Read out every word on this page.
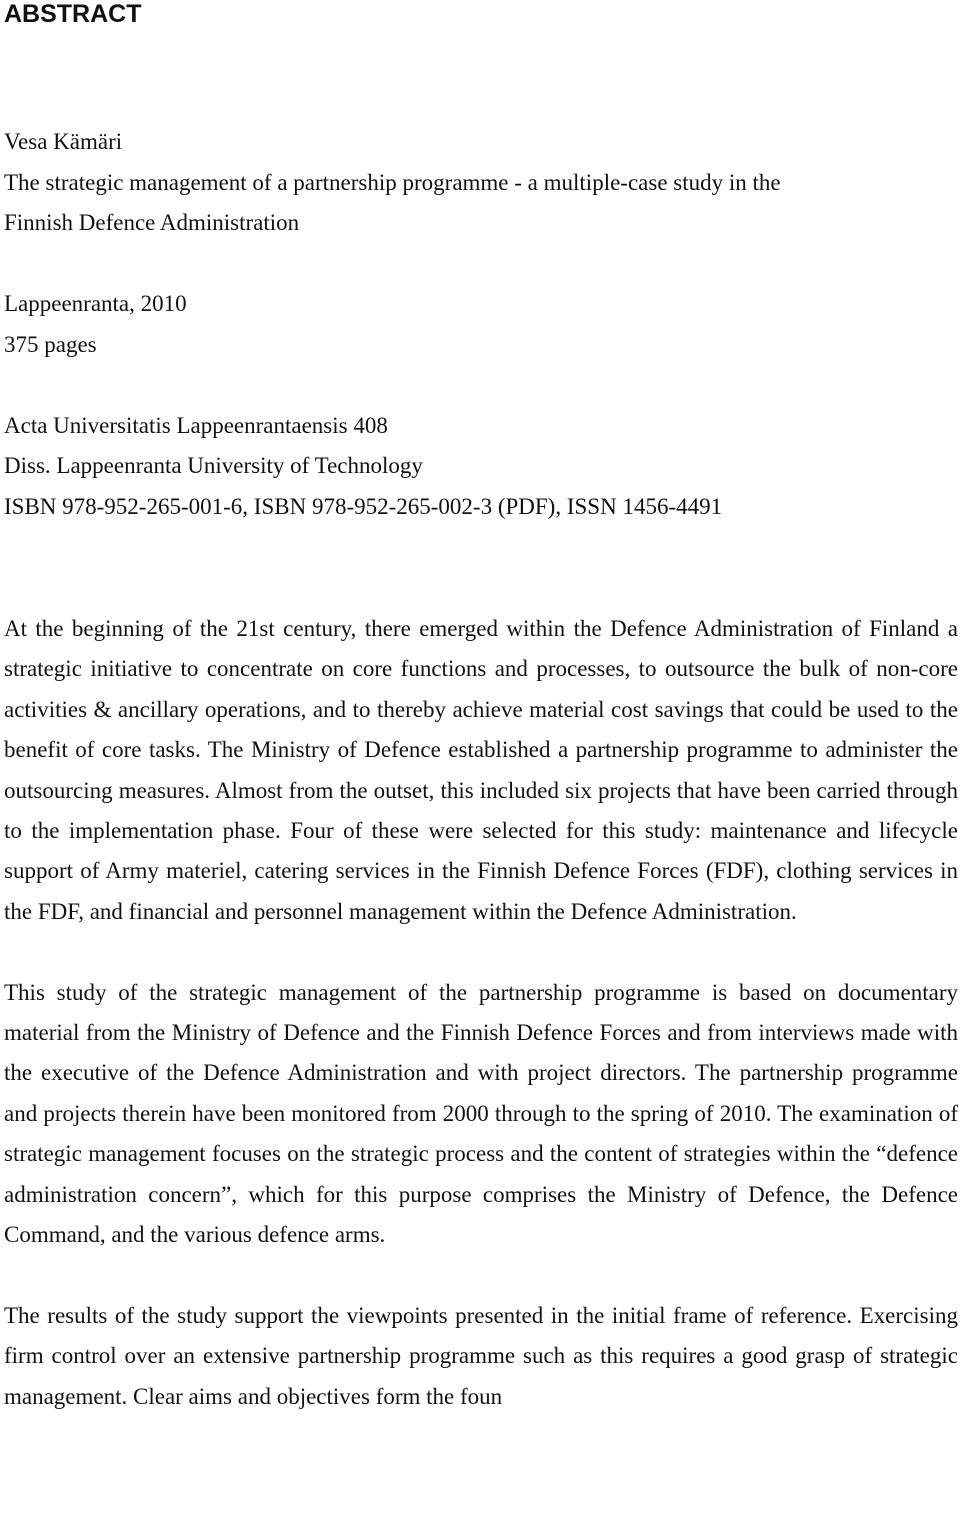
ABSTRACT
Vesa Kämäri
The strategic management of a partnership programme - a multiple-case study in the
Finnish Defence Administration
Lappeenranta, 2010
375 pages
Acta Universitatis Lappeenrantaensis 408
Diss. Lappeenranta University of Technology
ISBN 978-952-265-001-6, ISBN 978-952-265-002-3 (PDF), ISSN 1456-4491

At the beginning of the 21st century, there emerged within the Defence Administration of Finland a strategic initiative to concentrate on core functions and processes, to outsource the bulk of non-core activities & ancillary operations, and to thereby achieve material cost savings that could be used to the benefit of core tasks. The Ministry of Defence established a partnership programme to administer the outsourcing measures. Almost from the outset, this included six projects that have been carried through to the implementation phase. Four of these were selected for this study: maintenance and lifecycle support of Army materiel, catering services in the Finnish Defence Forces (FDF), clothing services in the FDF, and financial and personnel management within the Defence Administration.

This study of the strategic management of the partnership programme is based on documentary material from the Ministry of Defence and the Finnish Defence Forces and from interviews made with the executive of the Defence Administration and with project directors. The partnership programme and projects therein have been monitored from 2000 through to the spring of 2010. The examination of strategic management focuses on the strategic process and the content of strategies within the “defence administration concern”, which for this purpose comprises the Ministry of Defence, the Defence Command, and the various defence arms.

The results of the study support the viewpoints presented in the initial frame of reference. Exercising firm control over an extensive partnership programme such as this requires a good grasp of strategic management. Clear aims and objectives form the foun
